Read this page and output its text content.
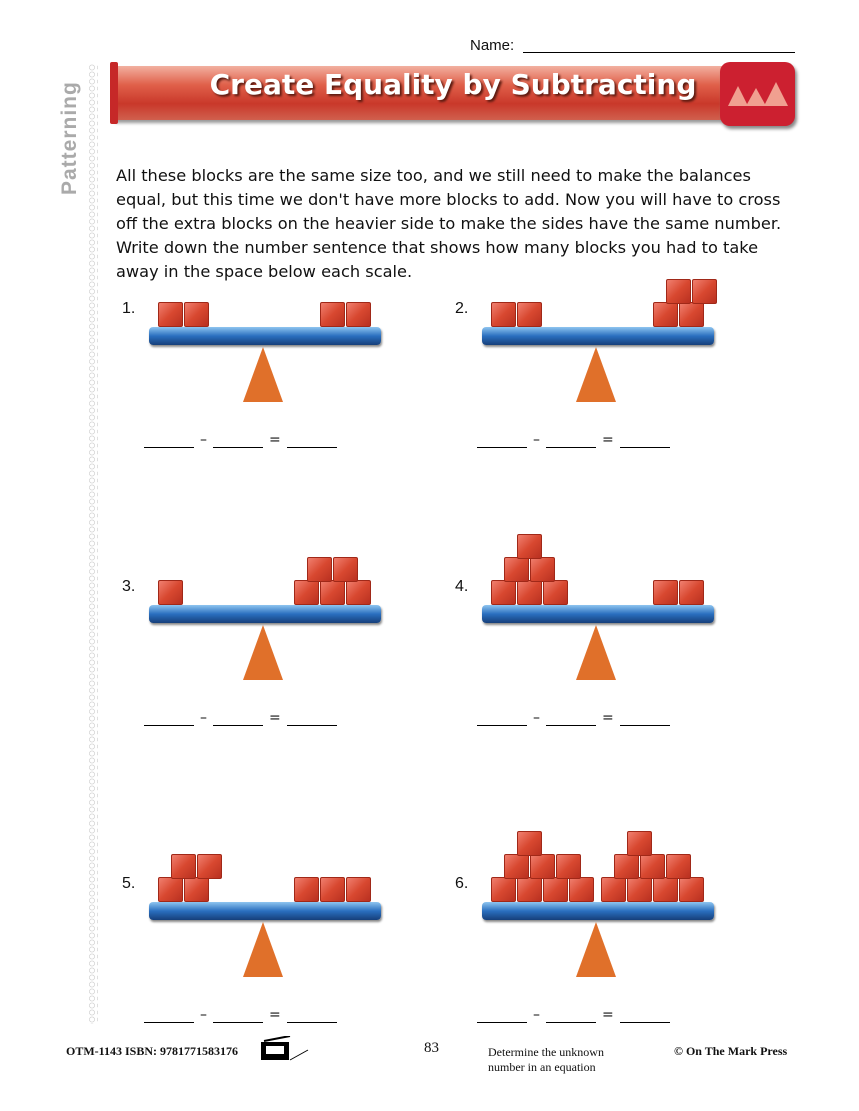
Name:
Patterning	Create Equality by Subtracting
All these blocks are the same size too, and we still need to make the balances equal, but this time we don't have more blocks to add. Now you will have to cross off the extra blocks on the heavier side to make the sides have the same number. Write down the number sentence that shows how many blocks you had to take away in the space below each scale.
1.
–	=
2.
–	=
3.
–	=
4.
–	=
5.
–	=
6.
–	=
OTM-1143 ISBN: 9781771583176	83	Determine the unknown
number in an equation
© On The Mark Press
